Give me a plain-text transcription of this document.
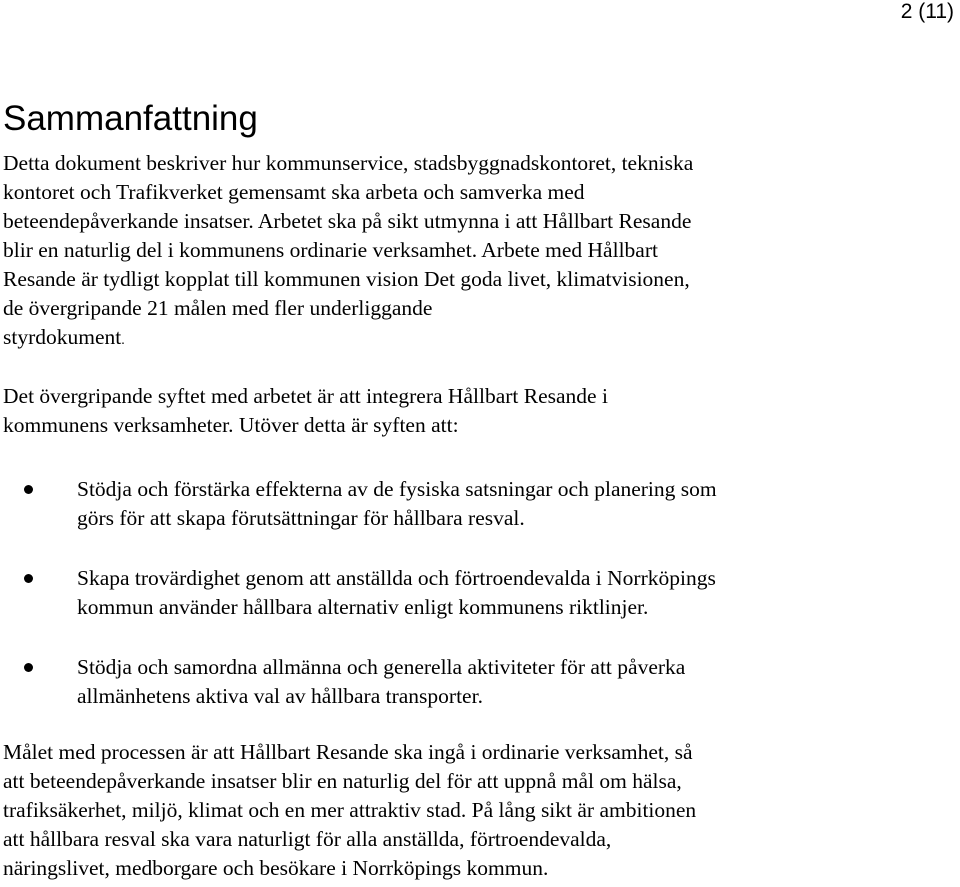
2 (11)
Sammanfattning
Detta dokument beskriver hur kommunservice, stadsbyggnadskontoret, tekniska
kontoret och Trafikverket gemensamt ska arbeta och samverka med
beteendepåverkande insatser. Arbetet ska på sikt utmynna i att Hållbart Resande
blir en naturlig del i kommunens ordinarie verksamhet. Arbete med Hållbart
Resande är tydligt kopplat till kommunen vision Det goda livet, klimatvisionen,
de övergripande 21 målen med fler underliggande
styrdokument.
Det övergripande syftet med arbetet är att integrera Hållbart Resande i
kommunens verksamheter. Utöver detta är syften att:
Stödja och förstärka effekterna av de fysiska satsningar och planering som
görs för att skapa förutsättningar för hållbara resval.
Skapa trovärdighet genom att anställda och förtroendevalda i Norrköpings
kommun använder hållbara alternativ enligt kommunens riktlinjer.
Stödja och samordna allmänna och generella aktiviteter för att påverka
allmänhetens aktiva val av hållbara transporter.
Målet med processen är att Hållbart Resande ska ingå i ordinarie verksamhet, så
att beteendepåverkande insatser blir en naturlig del för att uppnå mål om hälsa,
trafiksäkerhet, miljö, klimat och en mer attraktiv stad. På lång sikt är ambitionen
att hållbara resval ska vara naturligt för alla anställda, förtroendevalda,
näringslivet, medborgare och besökare i Norrköpings kommun.
